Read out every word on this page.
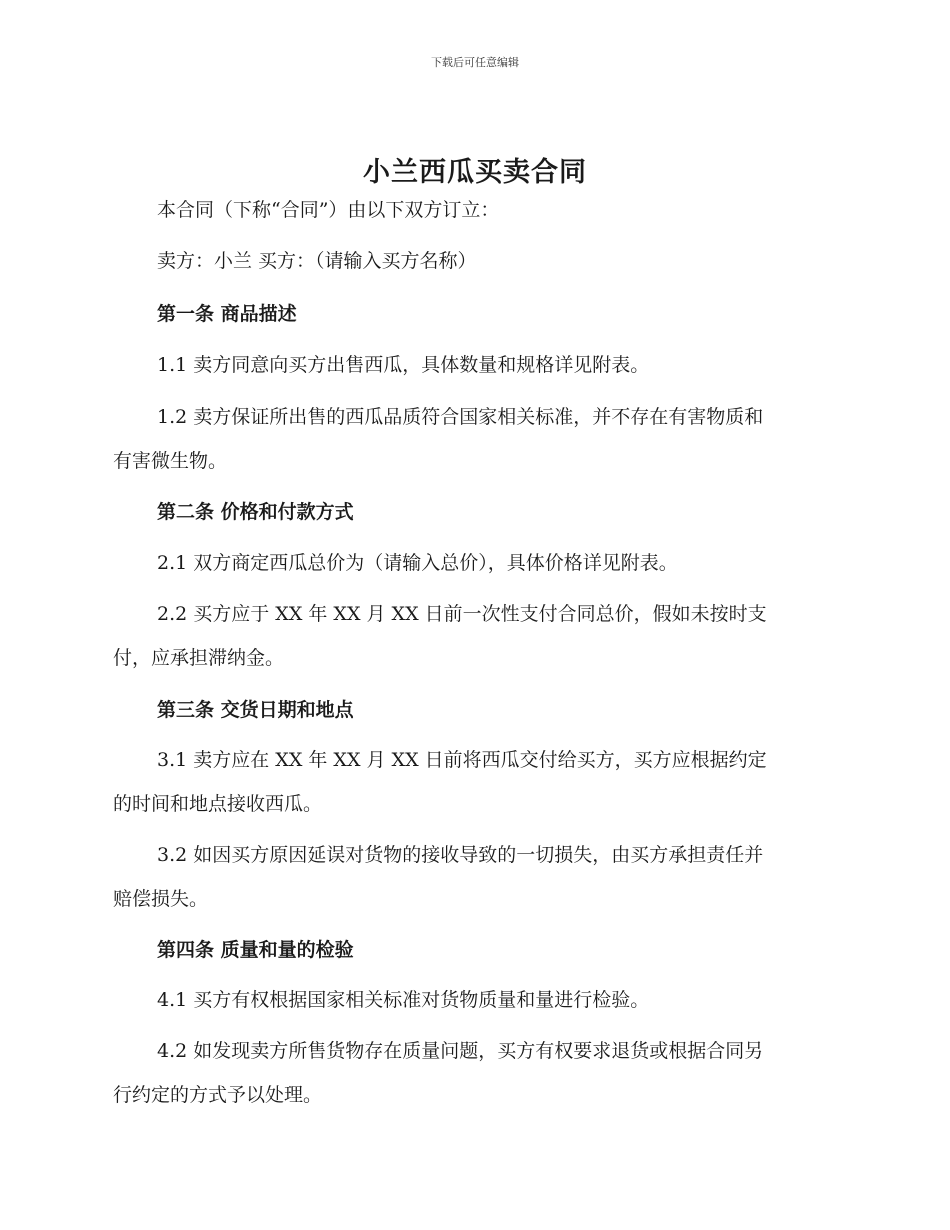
下载后可任意编辑
小兰西瓜买卖合同
本合同（下称“合同”）由以下双方订立：
卖方：小兰 买方：（请输入买方名称）
第一条 商品描述
1.1 卖方同意向买方出售西瓜，具体数量和规格详见附表。
1.2 卖方保证所出售的西瓜品质符合国家相关标准，并不存在有害物质和
有害微生物。
第二条 价格和付款方式
2.1 双方商定西瓜总价为（请输入总价），具体价格详见附表。
2.2 买方应于 XX 年 XX 月 XX 日前一次性支付合同总价，假如未按时支
付，应承担滞纳金。
第三条 交货日期和地点
3.1 卖方应在 XX 年 XX 月 XX 日前将西瓜交付给买方，买方应根据约定
的时间和地点接收西瓜。
3.2 如因买方原因延误对货物的接收导致的一切损失，由买方承担责任并
赔偿损失。
第四条 质量和量的检验
4.1 买方有权根据国家相关标准对货物质量和量进行检验。
4.2 如发现卖方所售货物存在质量问题，买方有权要求退货或根据合同另
行约定的方式予以处理。
